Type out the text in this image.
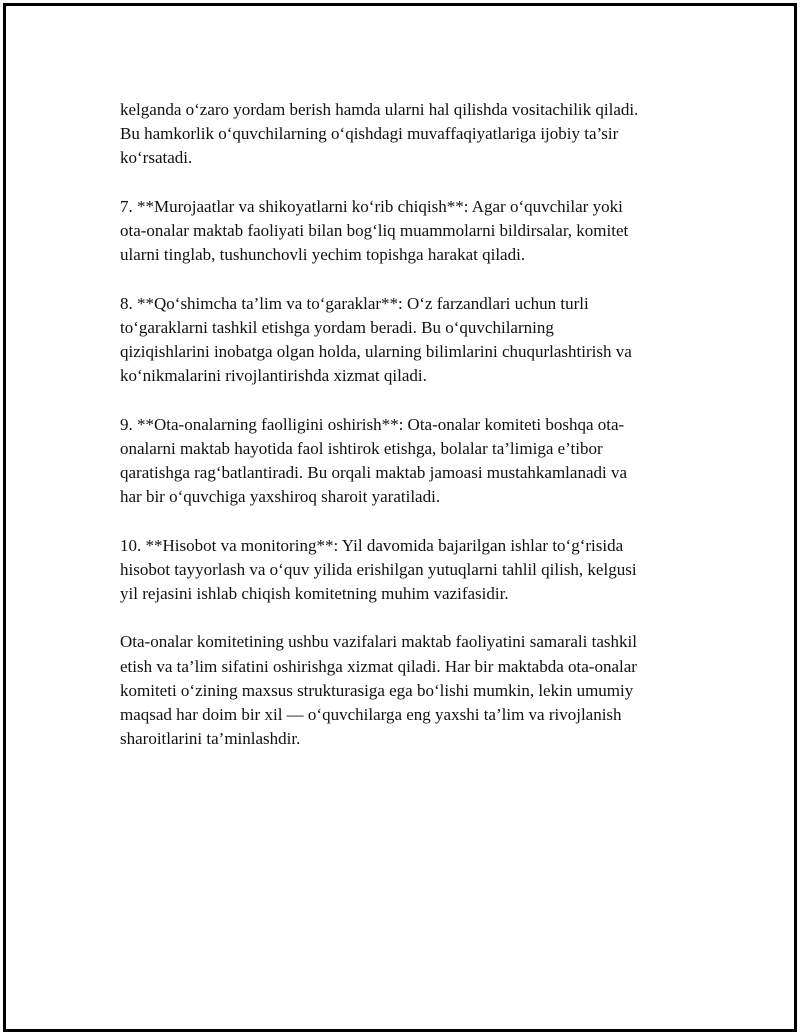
kelganda o‘zaro yordam berish hamda ularni hal qilishda vositachilik qiladi.
Bu hamkorlik o‘quvchilarning o‘qishdagi muvaffaqiyatlariga ijobiy ta’sir
ko‘rsatadi.

7. **Murojaatlar va shikoyatlarni ko‘rib chiqish**: Agar o‘quvchilar yoki
ota-onalar maktab faoliyati bilan bog‘liq muammolarni bildirsalar, komitet
ularni tinglab, tushunchovli yechim topishga harakat qiladi.

8. **Qo‘shimcha ta’lim va to‘garaklar**: O‘z farzandlari uchun turli
to‘garaklarni tashkil etishga yordam beradi. Bu o‘quvchilarning
qiziqishlarini inobatga olgan holda, ularning bilimlarini chuqurlashtirish va
ko‘nikmalarini rivojlantirishda xizmat qiladi.

9. **Ota-onalarning faolligini oshirish**: Ota-onalar komiteti boshqa ota-
onalarni maktab hayotida faol ishtirok etishga, bolalar ta’limiga e’tibor
qaratishga rag‘batlantiradi. Bu orqali maktab jamoasi mustahkamlanadi va
har bir o‘quvchiga yaxshiroq sharoit yaratiladi.

10. **Hisobot va monitoring**: Yil davomida bajarilgan ishlar to‘g‘risida
hisobot tayyorlash va o‘quv yilida erishilgan yutuqlarni tahlil qilish, kelgusi
yil rejasini ishlab chiqish komitetning muhim vazifasidir.

Ota-onalar komitetining ushbu vazifalari maktab faoliyatini samarali tashkil
etish va ta’lim sifatini oshirishga xizmat qiladi. Har bir maktabda ota-onalar
komiteti o‘zining maxsus strukturasiga ega bo‘lishi mumkin, lekin umumiy
maqsad har doim bir xil — o‘quvchilarga eng yaxshi ta’lim va rivojlanish
sharoitlarini ta’minlashdir.
